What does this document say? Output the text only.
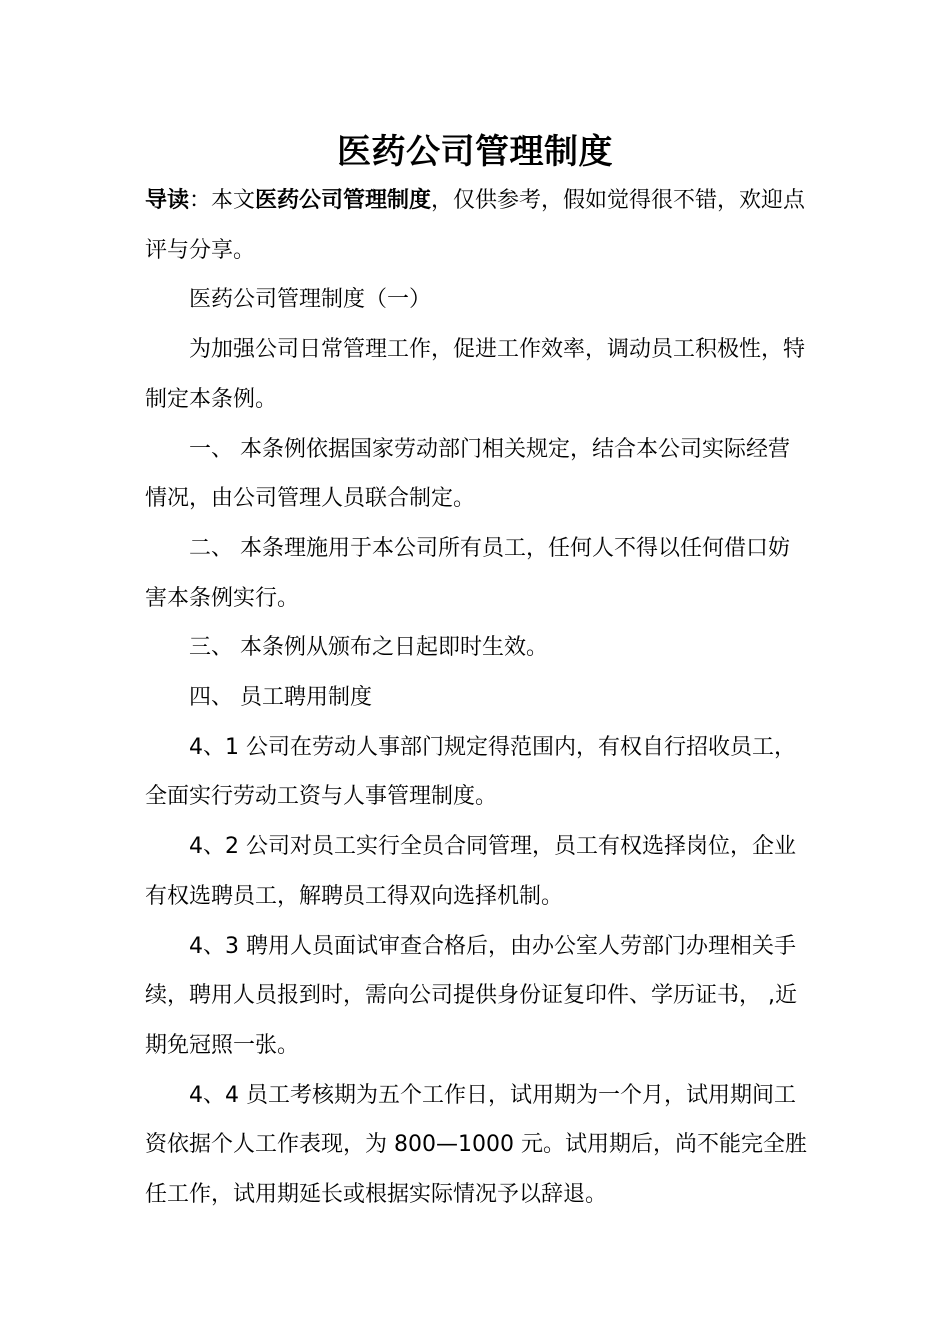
医药公司管理制度

导读：本文医药公司管理制度，仅供参考，假如觉得很不错，欢迎点评与分享。

医药公司管理制度（一）

为加强公司日常管理工作，促进工作效率，调动员工积极性，特制定本条例。

一、 本条例依据国家劳动部门相关规定，结合本公司实际经营情况，由公司管理人员联合制定。

二、 本条理施用于本公司所有员工，任何人不得以任何借口妨害本条例实行。

三、 本条例从颁布之日起即时生效。

四、 员工聘用制度

4、1 公司在劳动人事部门规定得范围内，有权自行招收员工，全面实行劳动工资与人事管理制度。

4、2 公司对员工实行全员合同管理，员工有权选择岗位，企业有权选聘员工，解聘员工得双向选择机制。

4、3 聘用人员面试审查合格后，由办公室人劳部门办理相关手续，聘用人员报到时，需向公司提供身份证复印件、学历证书， ,近期免冠照一张。

4、4 员工考核期为五个工作日，试用期为一个月，试用期间工资依据个人工作表现，为 800—1000 元。试用期后，尚不能完全胜任工作，试用期延长或根据实际情况予以辞退。
